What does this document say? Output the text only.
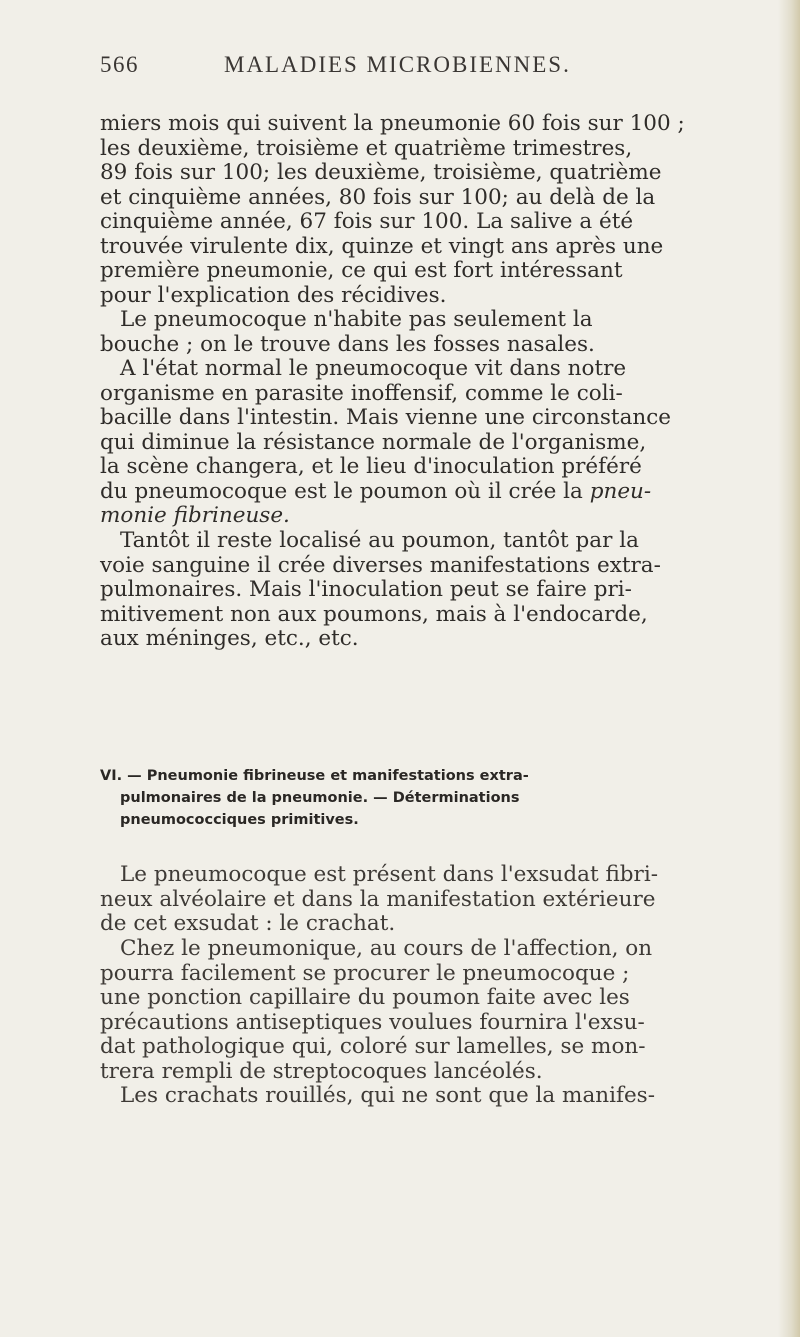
566	MALADIES MICROBIENNES.
miers mois qui suivent la pneumonie 60 fois sur 100 ;
les deuxième, troisième et quatrième trimestres,
89 fois sur 100; les deuxième, troisième, quatrième
et cinquième années, 80 fois sur 100; au delà de la
cinquième année, 67 fois sur 100. La salive a été
trouvée virulente dix, quinze et vingt ans après une
première pneumonie, ce qui est fort intéressant
pour l'explication des récidives.
Le pneumocoque n'habite pas seulement la
bouche ; on le trouve dans les fosses nasales.
A l'état normal le pneumocoque vit dans notre
organisme en parasite inoffensif, comme le coli-
bacille dans l'intestin. Mais vienne une circonstance
qui diminue la résistance normale de l'organisme,
la scène changera, et le lieu d'inoculation préféré
du pneumocoque est le poumon où il crée la pneu-
monie fibrineuse.
Tantôt il reste localisé au poumon, tantôt par la
voie sanguine il crée diverses manifestations extra-
pulmonaires. Mais l'inoculation peut se faire pri-
mitivement non aux poumons, mais à l'endocarde,
aux méninges, etc., etc.
VI. — Pneumonie fibrineuse et manifestations extra-
pulmonaires de la pneumonie. — Déterminations
pneumococciques primitives.
Le pneumocoque est présent dans l'exsudat fibri-
neux alvéolaire et dans la manifestation extérieure
de cet exsudat : le crachat.
Chez le pneumonique, au cours de l'affection, on
pourra facilement se procurer le pneumocoque ;
une ponction capillaire du poumon faite avec les
précautions antiseptiques voulues fournira l'exsu-
dat pathologique qui, coloré sur lamelles, se mon-
trera rempli de streptocoques lancéolés.
Les crachats rouillés, qui ne sont que la manifes-
